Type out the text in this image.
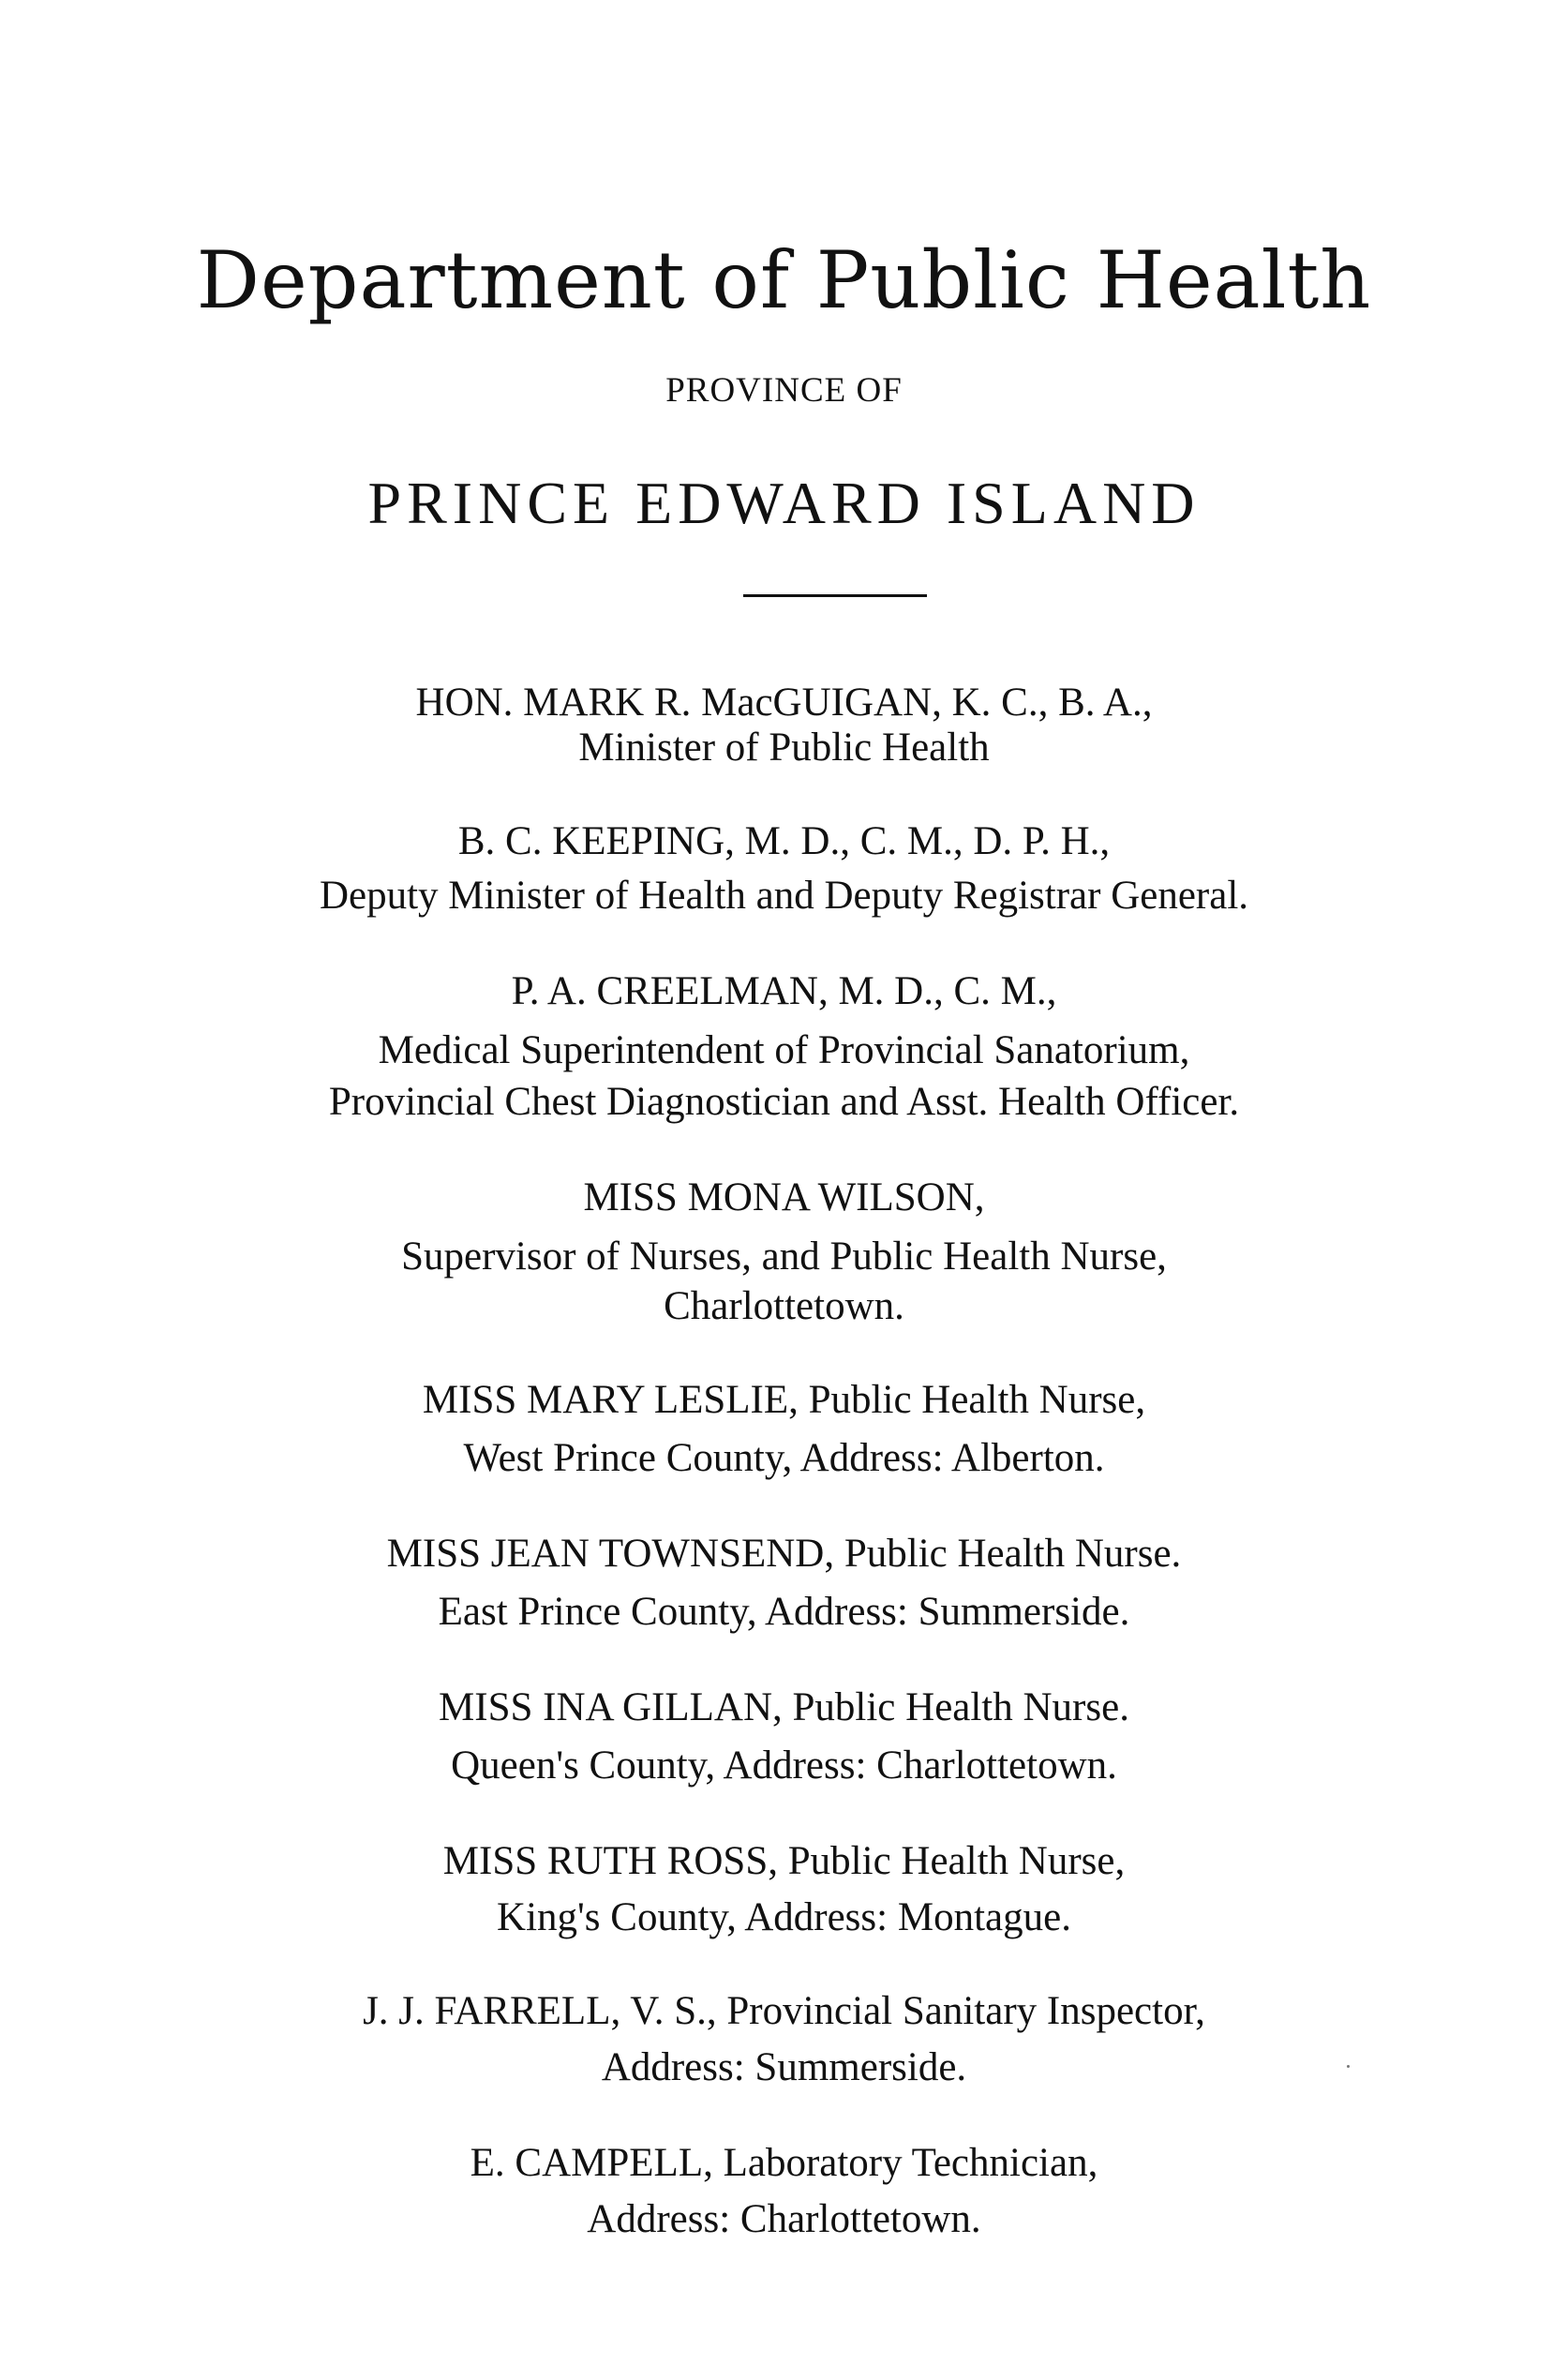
Department of Public Health
PROVINCE OF
PRINCE EDWARD ISLAND
HON. MARK R. MacGUIGAN, K. C., B. A.,
Minister of Public Health
B. C. KEEPING, M. D., C. M., D. P. H.,
Deputy Minister of Health and Deputy Registrar General.
P. A. CREELMAN, M. D., C. M.,
Medical Superintendent of Provincial Sanatorium,
Provincial Chest Diagnostician and Asst. Health Officer.
MISS MONA WILSON,
Supervisor of Nurses, and Public Health Nurse,
Charlottetown.
MISS MARY LESLIE, Public Health Nurse,
West Prince County, Address: Alberton.
MISS JEAN TOWNSEND, Public Health Nurse.
East Prince County, Address: Summerside.
MISS INA GILLAN, Public Health Nurse.
Queen's County, Address: Charlottetown.
MISS RUTH ROSS, Public Health Nurse,
King's County, Address: Montague.
J. J. FARRELL, V. S., Provincial Sanitary Inspector,
Address: Summerside.
E. CAMPELL, Laboratory Technician,
Address: Charlottetown.
